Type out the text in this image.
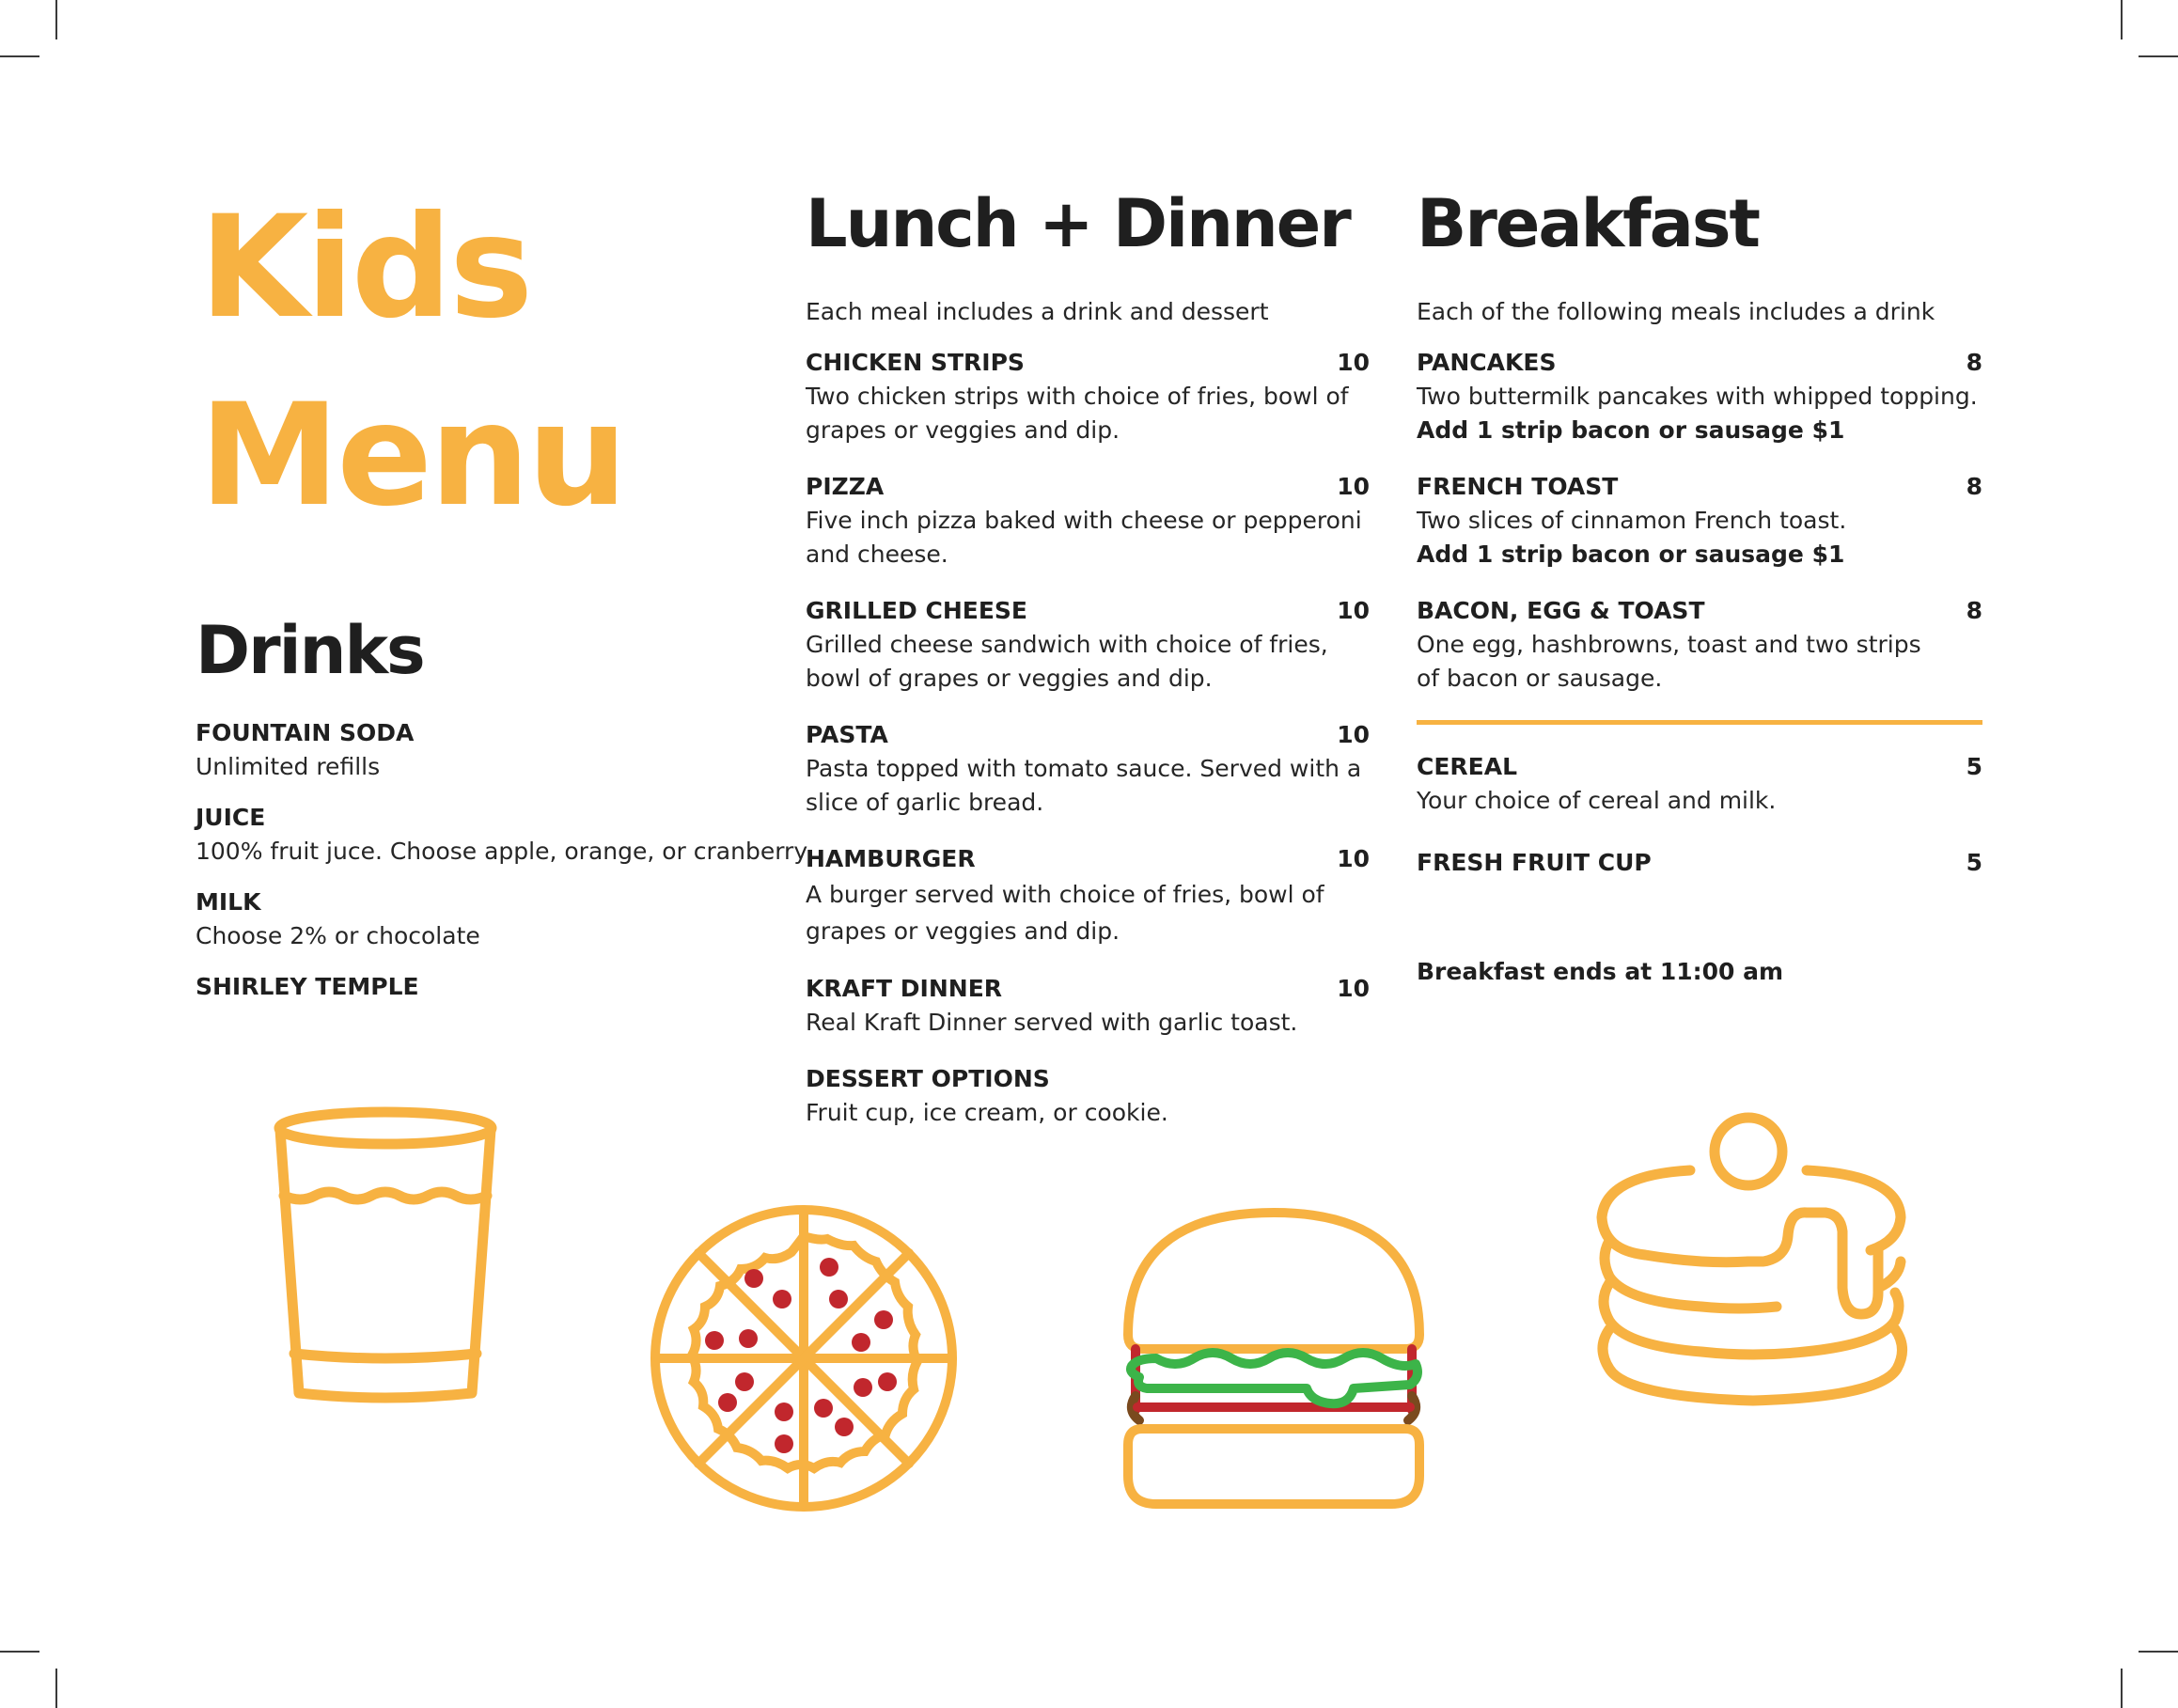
Kids
Menu
Drinks
FOUNTAIN SODA
Unlimited refills
JUICE
100% fruit juce. Choose apple, orange, or cranberry
MILK
Choose 2% or chocolate
SHIRLEY TEMPLE
Lunch + Dinner

Each meal includes a drink and dessert

CHICKEN STRIPS	10
Two chicken strips with choice of fries, bowl of grapes or veggies and dip.
PIZZA	10
Five inch pizza baked with cheese or pepperoni and cheese.
GRILLED CHEESE	10
Grilled cheese sandwich with choice of fries, bowl of grapes or veggies and dip.
PASTA	10
Pasta topped with tomato sauce. Served with a slice of garlic bread.
HAMBURGER	10
A burger served with choice of fries, bowl of grapes or veggies and dip.
KRAFT DINNER	10
Real Kraft Dinner served with garlic toast.
DESSERT OPTIONS
Fruit cup, ice cream, or cookie.
Breakfast

Each of the following meals includes a drink

PANCAKES	8
Two buttermilk pancakes with whipped topping.
Add 1 strip bacon or sausage $1
FRENCH TOAST	8
Two slices of cinnamon French toast.
Add 1 strip bacon or sausage $1
BACON, EGG & TOAST	8
One egg, hashbrowns, toast and two strips of bacon or sausage.
CEREAL	5
Your choice of cereal and milk.
FRESH FRUIT CUP	5
Breakfast ends at 11:00 am
